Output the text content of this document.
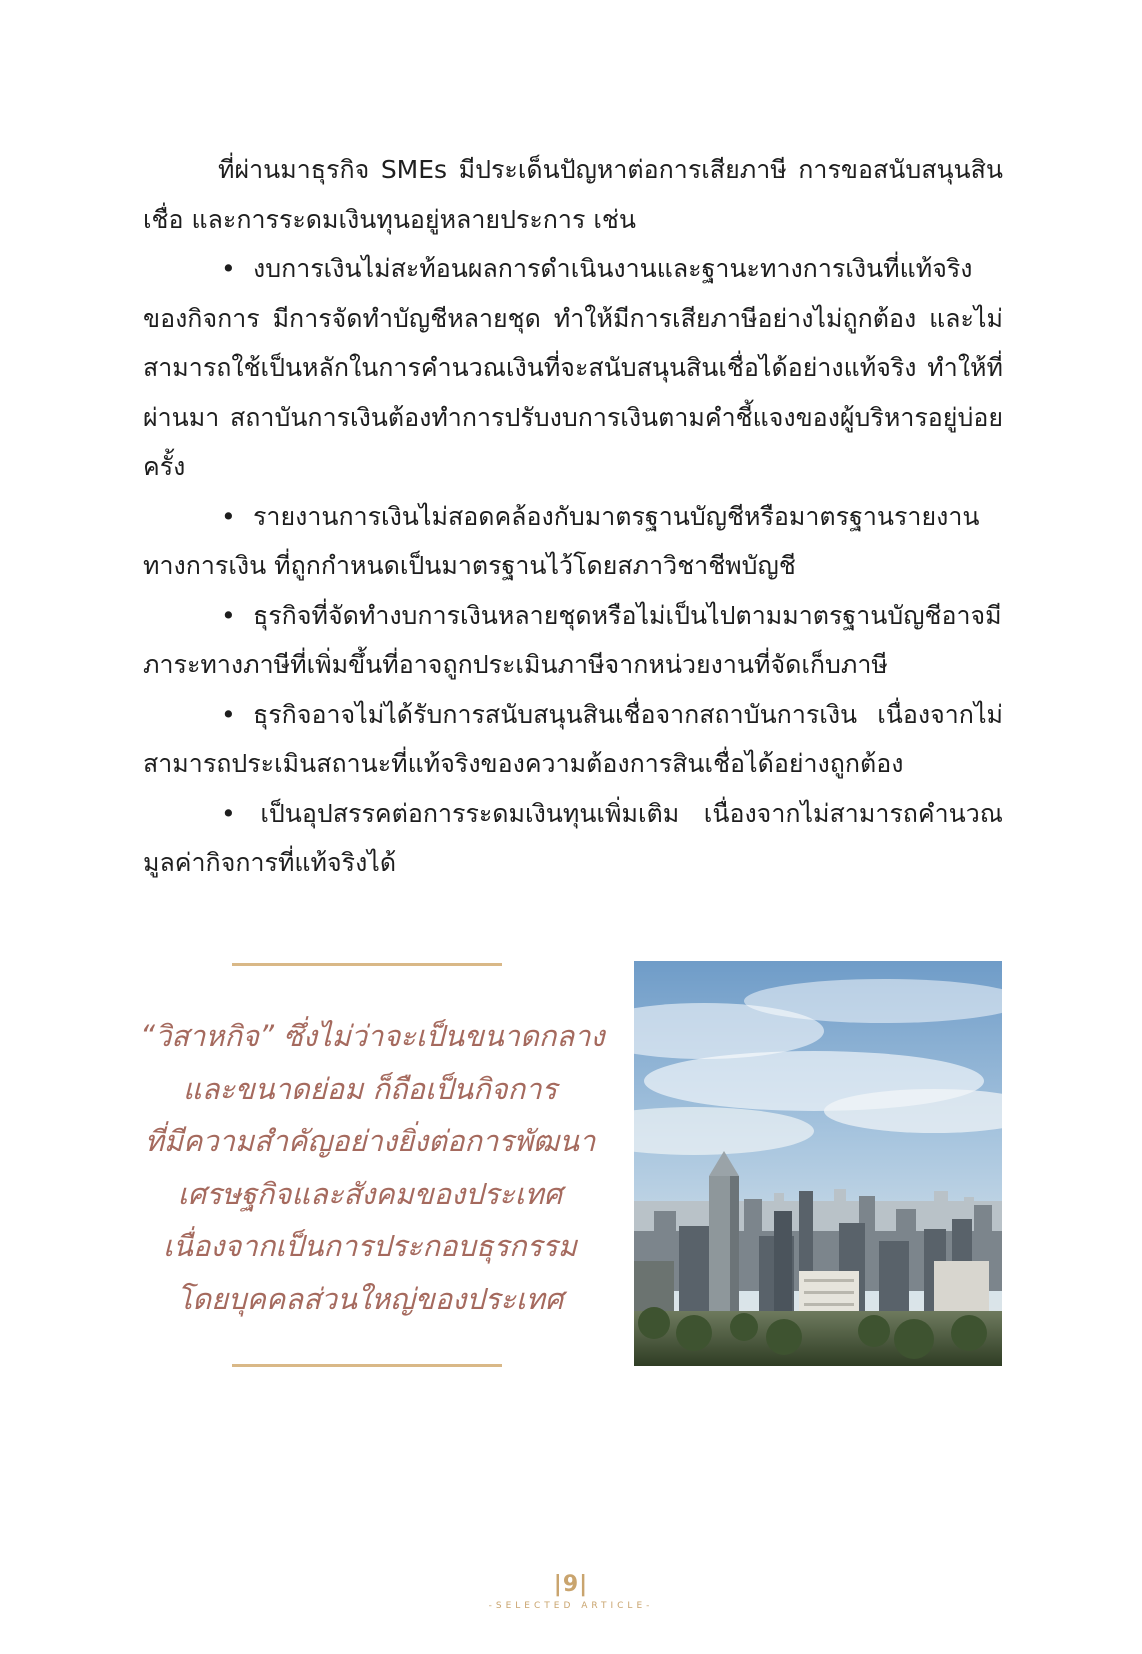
ที่ผ่านมาธุรกิจ SMEs มีประเด็นปัญหาต่อการเสียภาษี การขอสนับสนุนสินเชื่อ และการระดมเงินทุนอยู่หลายประการ เช่น

• งบการเงินไม่สะท้อนผลการดำเนินงานและฐานะทางการเงินที่แท้จริงของกิจการ มีการจัดทำบัญชีหลายชุด ทำให้มีการเสียภาษีอย่างไม่ถูกต้อง และไม่สามารถใช้เป็นหลักในการคำนวณเงินที่จะสนับสนุนสินเชื่อได้อย่างแท้จริง ทำให้ที่ผ่านมา สถาบันการเงินต้องทำการปรับงบการเงินตามคำชี้แจงของผู้บริหารอยู่บ่อยครั้ง

• รายงานการเงินไม่สอดคล้องกับมาตรฐานบัญชีหรือมาตรฐานรายงานทางการเงิน ที่ถูกกำหนดเป็นมาตรฐานไว้โดยสภาวิชาชีพบัญชี

• ธุรกิจที่จัดทำงบการเงินหลายชุดหรือไม่เป็นไปตามมาตรฐานบัญชีอาจมีภาระทางภาษีที่เพิ่มขึ้นที่อาจถูกประเมินภาษีจากหน่วยงานที่จัดเก็บภาษี

• ธุรกิจอาจไม่ได้รับการสนับสนุนสินเชื่อจากสถาบันการเงิน เนื่องจากไม่สามารถประเมินสถานะที่แท้จริงของความต้องการสินเชื่อได้อย่างถูกต้อง

• เป็นอุปสรรคต่อการระดมเงินทุนเพิ่มเติม เนื่องจากไม่สามารถคำนวณมูลค่ากิจการที่แท้จริงได้

“วิสาหกิจ” ซึ่งไม่ว่าจะเป็นขนาดกลาง
และขนาดย่อม ก็ถือเป็นกิจการ
ที่มีความสำคัญอย่างยิ่งต่อการพัฒนา
เศรษฐกิจและสังคมของประเทศ
เนื่องจากเป็นการประกอบธุรกรรม
โดยบุคคลส่วนใหญ่ของประเทศ
|9|
-SELECTED ARTICLE-
